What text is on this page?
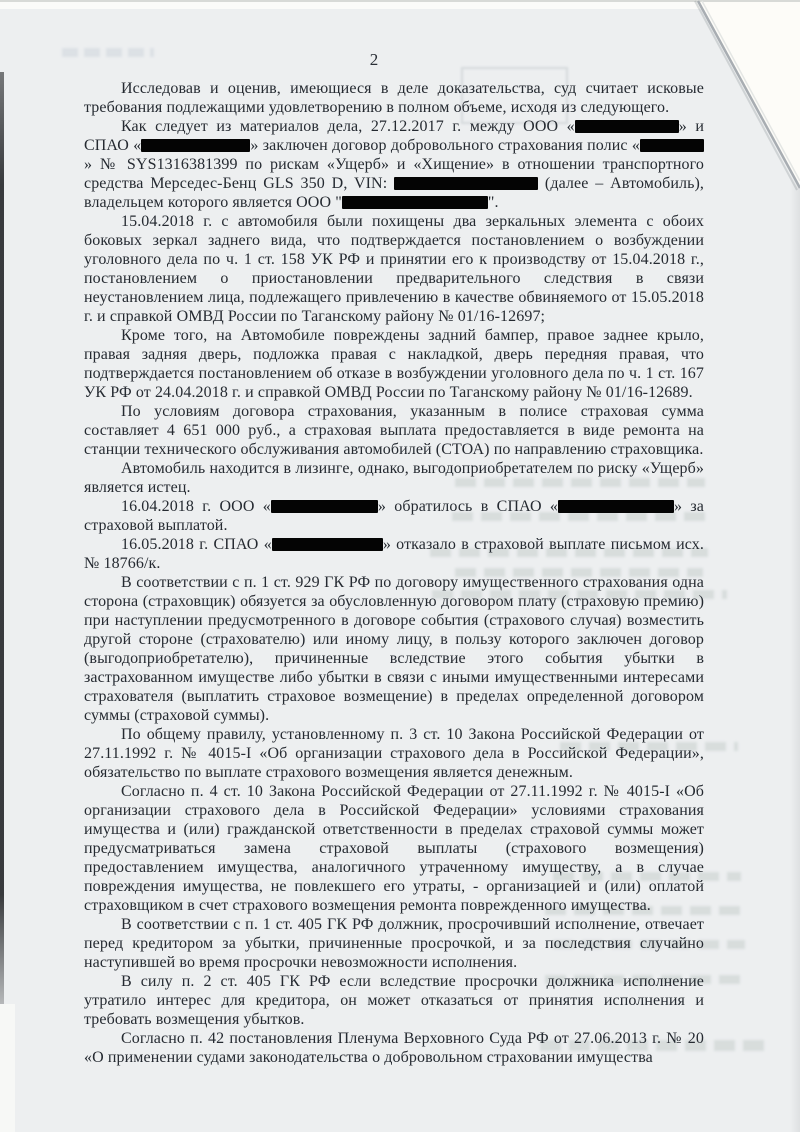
2

Исследовав и оценив, имеющиеся в деле доказательства, суд считает исковые требования подлежащими удовлетворению в полном объеме, исходя из следующего.

Как следует из материалов дела, 27.12.2017 г. между ООО «	» и СПАО «	» заключен договор добровольного страхования полис «» № SYS1316381399 по рискам «Ущерб» и «Хищение» в отношении транспортного средства Мерседес-Бенц GLS 350 D, VIN:	(далее – Автомобиль), владельцем которого является ООО "	".

15.04.2018 г. с автомобиля были похищены два зеркальных элемента с обоих боковых зеркал заднего вида, что подтверждается постановлением о возбуждении уголовного дела по ч. 1 ст. 158 УК РФ и принятии его к производству от 15.04.2018 г., постановлением о приостановлении предварительного следствия в связи неустановлением лица, подлежащего привлечению в качестве обвиняемого от 15.05.2018 г. и справкой ОМВД России по Таганскому району № 01/16-12697;

Кроме того, на Автомобиле повреждены задний бампер, правое заднее крыло, правая задняя дверь, подложка правая с накладкой, дверь передняя правая, что подтверждается постановлением об отказе в возбуждении уголовного дела по ч. 1 ст. 167 УК РФ от 24.04.2018 г. и справкой ОМВД России по Таганскому району № 01/16-12689.

По условиям договора страхования, указанным в полисе страховая сумма составляет 4 651 000 руб., а страховая выплата предоставляется в виде ремонта на станции технического обслуживания автомобилей (СТОА) по направлению страховщика.

Автомобиль находится в лизинге, однако, выгодоприобретателем по риску «Ущерб» является истец.

16.04.2018 г. ООО «	» обратилось в СПАО «	» за страховой выплатой.

16.05.2018 г. СПАО «	» отказало в страховой выплате письмом исх. № 18766/к.

В соответствии с п. 1 ст. 929 ГК РФ по договору имущественного страхования одна сторона (страховщик) обязуется за обусловленную договором плату (страховую премию) при наступлении предусмотренного в договоре события (страхового случая) возместить другой стороне (страхователю) или иному лицу, в пользу которого заключен договор (выгодоприобретателю), причиненные вследствие этого события убытки в застрахованном имуществе либо убытки в связи с иными имущественными интересами страхователя (выплатить страховое возмещение) в пределах определенной договором суммы (страховой суммы).

По общему правилу, установленному п. 3 ст. 10 Закона Российской Федерации от 27.11.1992 г. № 4015-I «Об организации страхового дела в Российской Федерации», обязательство по выплате страхового возмещения является денежным.

Согласно п. 4 ст. 10 Закона Российской Федерации от 27.11.1992 г. № 4015-I «Об организации страхового дела в Российской Федерации» условиями страхования имущества и (или) гражданской ответственности в пределах страховой суммы может предусматриваться замена страховой выплаты (страхового возмещения) предоставлением имущества, аналогичного утраченному имуществу, а в случае повреждения имущества, не повлекшего его утраты, - организацией и (или) оплатой страховщиком в счет страхового возмещения ремонта поврежденного имущества.

В соответствии с п. 1 ст. 405 ГК РФ должник, просрочивший исполнение, отвечает перед кредитором за убытки, причиненные просрочкой, и за последствия случайно наступившей во время просрочки невозможности исполнения.

В силу п. 2 ст. 405 ГК РФ если вследствие просрочки должника исполнение утратило интерес для кредитора, он может отказаться от принятия исполнения и требовать возмещения убытков.

Согласно п. 42 постановления Пленума Верховного Суда РФ от 27.06.2013 г. № 20 «О применении судами законодательства о добровольном страховании имущества
